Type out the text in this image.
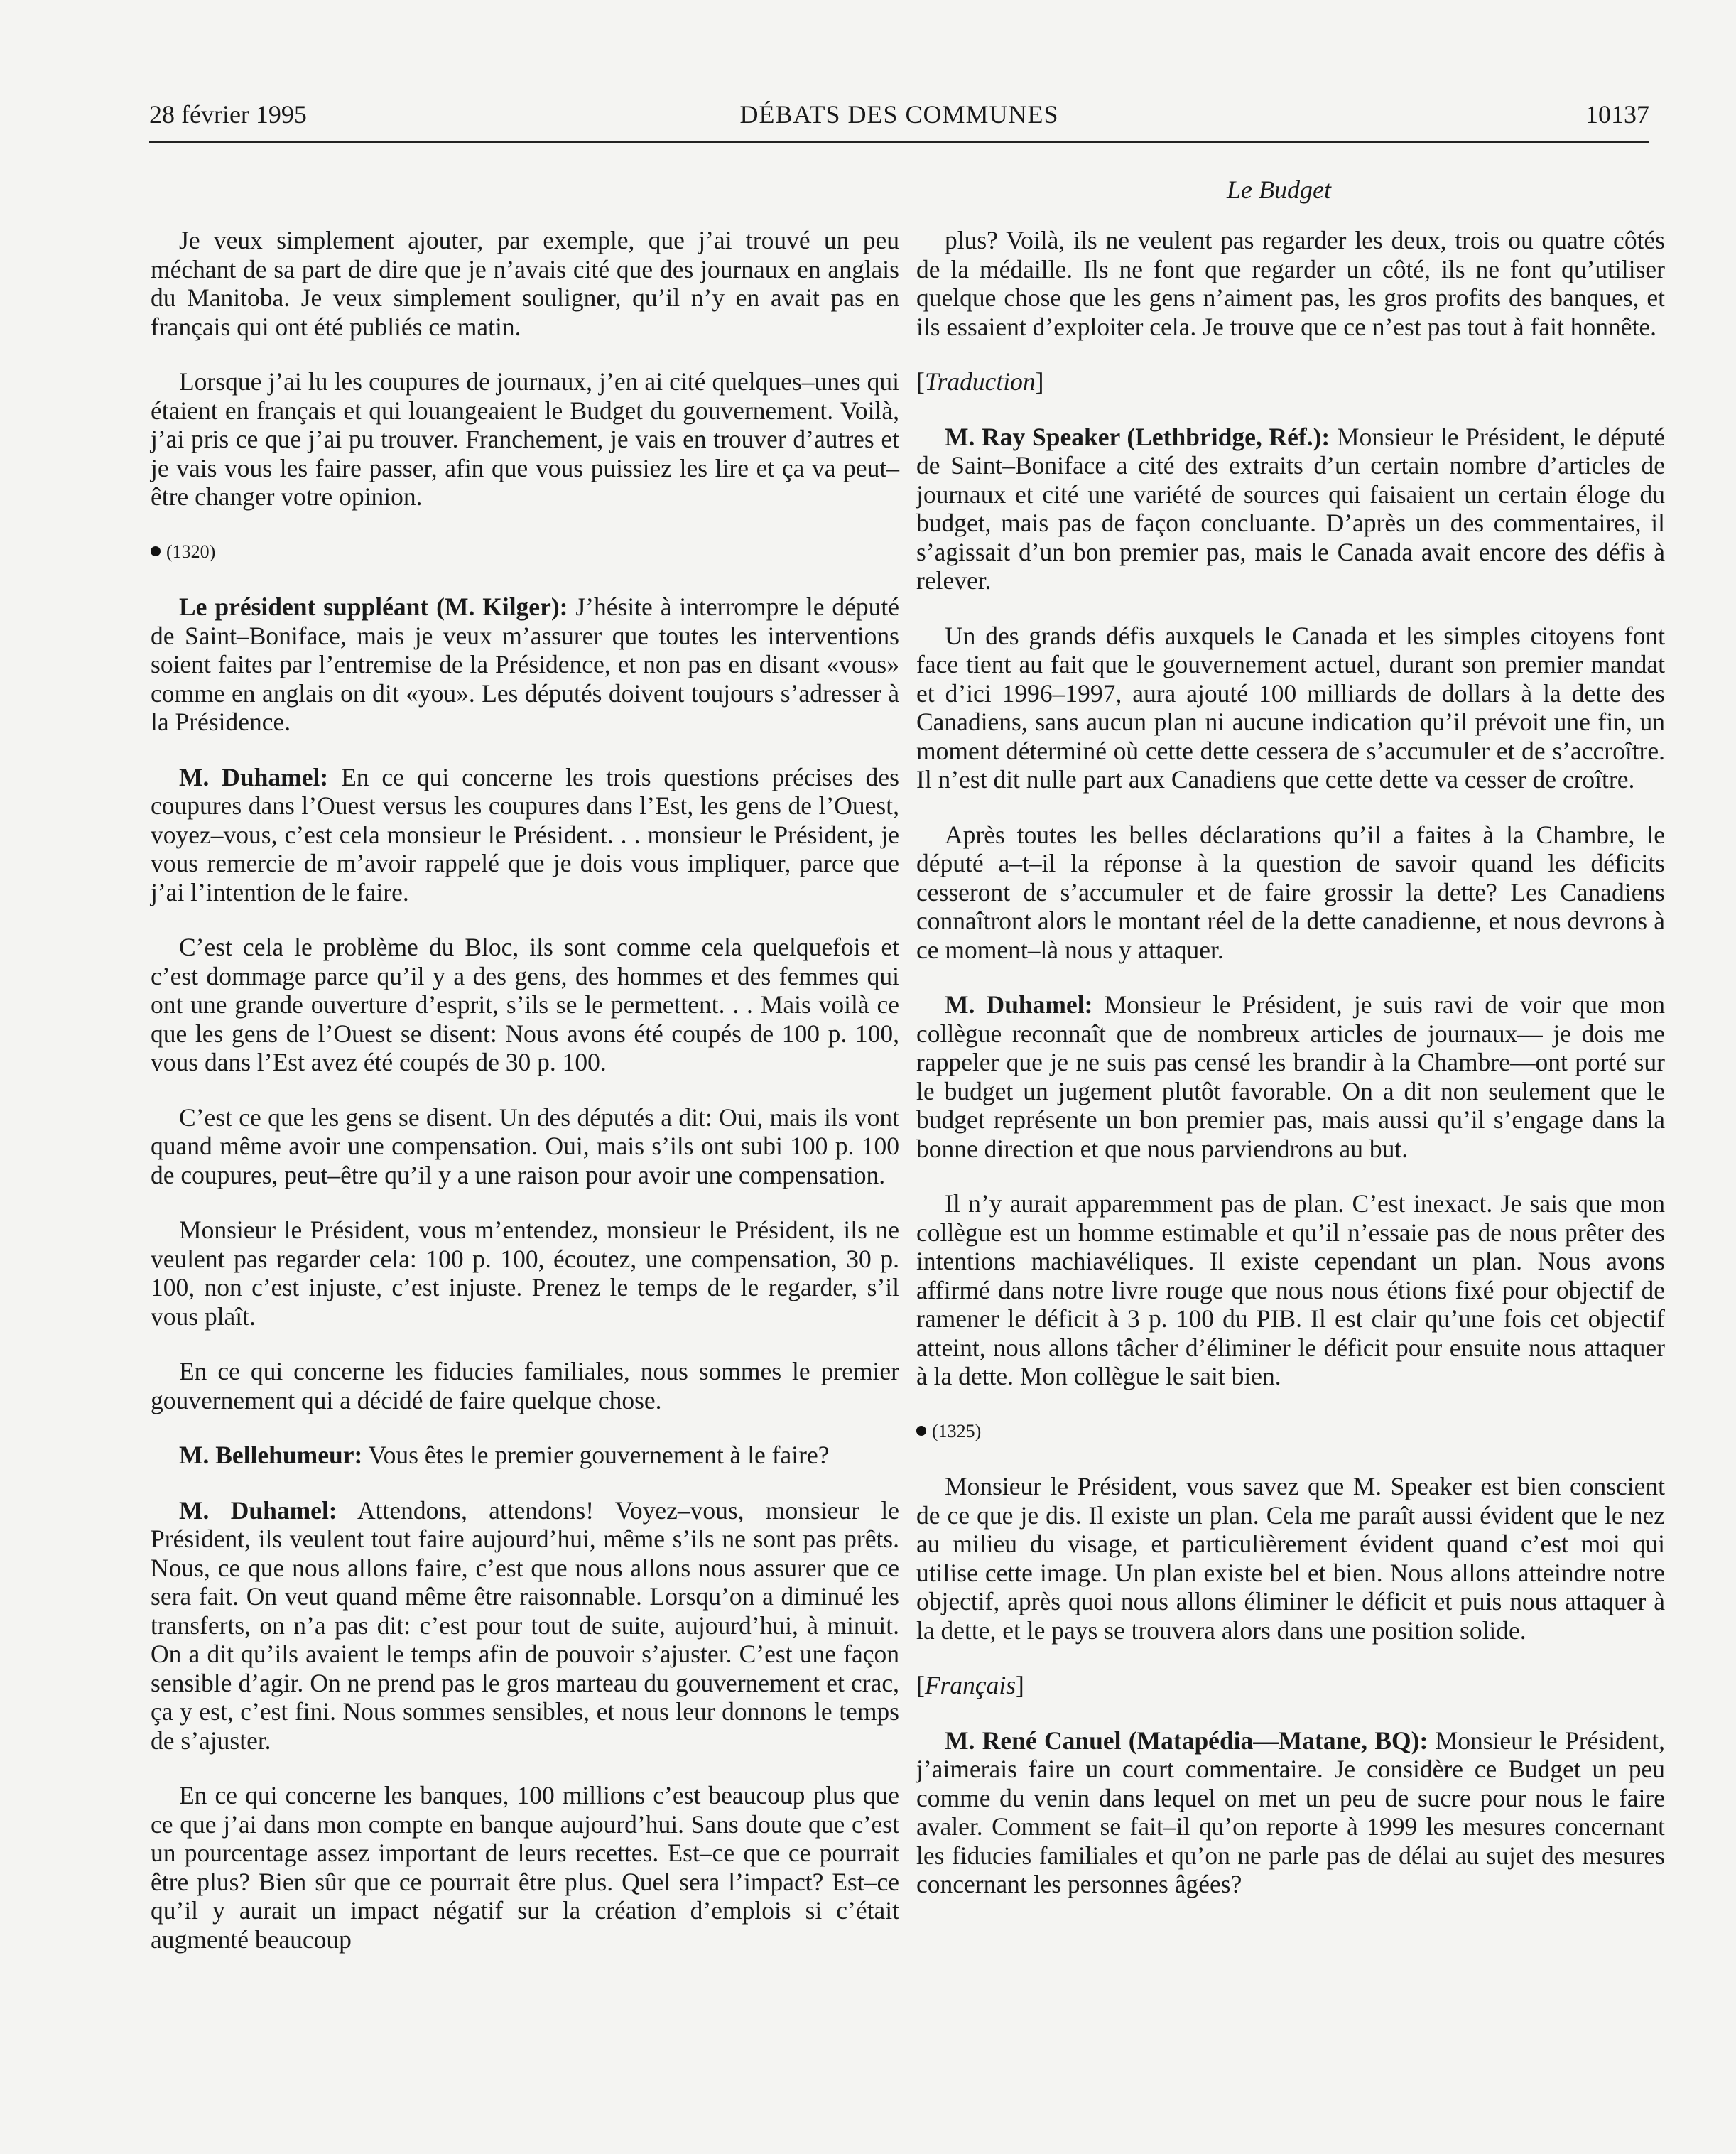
28 février 1995	DÉBATS DES COMMUNES	10137
Le Budget

Je veux simplement ajouter, par exemple, que j’ai trouvé un peu méchant de sa part de dire que je n’avais cité que des journaux en anglais du Manitoba. Je veux simplement souligner, qu’il n’y en avait pas en français qui ont été publiés ce matin.

Lorsque j’ai lu les coupures de journaux, j’en ai cité quelques–unes qui étaient en français et qui louangeaient le Budget du gouvernement. Voilà, j’ai pris ce que j’ai pu trouver. Franchement, je vais en trouver d’autres et je vais vous les faire passer, afin que vous puissiez les lire et ça va peut–être changer votre opinion.

(1320)

Le président suppléant (M. Kilger): J’hésite à interrompre le député de Saint–Boniface, mais je veux m’assurer que toutes les interventions soient faites par l’entremise de la Présidence, et non pas en disant «vous» comme en anglais on dit «you». Les députés doivent toujours s’adresser à la Présidence.

M. Duhamel: En ce qui concerne les trois questions précises des coupures dans l’Ouest versus les coupures dans l’Est, les gens de l’Ouest, voyez–vous, c’est cela monsieur le Président. . . monsieur le Président, je vous remercie de m’avoir rappelé que je dois vous impliquer, parce que j’ai l’intention de le faire.

C’est cela le problème du Bloc, ils sont comme cela quelquefois et c’est dommage parce qu’il y a des gens, des hommes et des femmes qui ont une grande ouverture d’esprit, s’ils se le permettent. . . Mais voilà ce que les gens de l’Ouest se disent: Nous avons été coupés de 100 p. 100, vous dans l’Est avez été coupés de 30 p. 100.

C’est ce que les gens se disent. Un des députés a dit: Oui, mais ils vont quand même avoir une compensation. Oui, mais s’ils ont subi 100 p. 100 de coupures, peut–être qu’il y a une raison pour avoir une compensation.

Monsieur le Président, vous m’entendez, monsieur le Président, ils ne veulent pas regarder cela: 100 p. 100, écoutez, une compensation, 30 p. 100, non c’est injuste, c’est injuste. Prenez le temps de le regarder, s’il vous plaît.

En ce qui concerne les fiducies familiales, nous sommes le premier gouvernement qui a décidé de faire quelque chose.

M. Bellehumeur: Vous êtes le premier gouvernement à le faire?

M. Duhamel: Attendons, attendons! Voyez–vous, monsieur le Président, ils veulent tout faire aujourd’hui, même s’ils ne sont pas prêts. Nous, ce que nous allons faire, c’est que nous allons nous assurer que ce sera fait. On veut quand même être raisonnable. Lorsqu’on a diminué les transferts, on n’a pas dit: c’est pour tout de suite, aujourd’hui, à minuit. On a dit qu’ils avaient le temps afin de pouvoir s’ajuster. C’est une façon sensible d’agir. On ne prend pas le gros marteau du gouvernement et crac, ça y est, c’est fini. Nous sommes sensibles, et nous leur donnons le temps de s’ajuster.

En ce qui concerne les banques, 100 millions c’est beaucoup plus que ce que j’ai dans mon compte en banque aujourd’hui. Sans doute que c’est un pourcentage assez important de leurs recettes. Est–ce que ce pourrait être plus? Bien sûr que ce pourrait être plus. Quel sera l’impact? Est–ce qu’il y aurait un impact négatif sur la création d’emplois si c’était augmenté beaucoup

plus? Voilà, ils ne veulent pas regarder les deux, trois ou quatre côtés de la médaille. Ils ne font que regarder un côté, ils ne font qu’utiliser quelque chose que les gens n’aiment pas, les gros profits des banques, et ils essaient d’exploiter cela. Je trouve que ce n’est pas tout à fait honnête.

[Traduction]

M. Ray Speaker (Lethbridge, Réf.): Monsieur le Président, le député de Saint–Boniface a cité des extraits d’un certain nombre d’articles de journaux et cité une variété de sources qui faisaient un certain éloge du budget, mais pas de façon concluante. D’après un des commentaires, il s’agissait d’un bon premier pas, mais le Canada avait encore des défis à relever.

Un des grands défis auxquels le Canada et les simples citoyens font face tient au fait que le gouvernement actuel, durant son premier mandat et d’ici 1996–1997, aura ajouté 100 milliards de dollars à la dette des Canadiens, sans aucun plan ni aucune indication qu’il prévoit une fin, un moment déterminé où cette dette cessera de s’accumuler et de s’accroître. Il n’est dit nulle part aux Canadiens que cette dette va cesser de croître.

Après toutes les belles déclarations qu’il a faites à la Chambre, le député a–t–il la réponse à la question de savoir quand les déficits cesseront de s’accumuler et de faire grossir la dette? Les Canadiens connaîtront alors le montant réel de la dette canadienne, et nous devrons à ce moment–là nous y attaquer.

M. Duhamel: Monsieur le Président, je suis ravi de voir que mon collègue reconnaît que de nombreux articles de journaux— je dois me rappeler que je ne suis pas censé les brandir à la Chambre—ont porté sur le budget un jugement plutôt favorable. On a dit non seulement que le budget représente un bon premier pas, mais aussi qu’il s’engage dans la bonne direction et que nous parviendrons au but.

Il n’y aurait apparemment pas de plan. C’est inexact. Je sais que mon collègue est un homme estimable et qu’il n’essaie pas de nous prêter des intentions machiavéliques. Il existe cependant un plan. Nous avons affirmé dans notre livre rouge que nous nous étions fixé pour objectif de ramener le déficit à 3 p. 100 du PIB. Il est clair qu’une fois cet objectif atteint, nous allons tâcher d’éliminer le déficit pour ensuite nous attaquer à la dette. Mon collègue le sait bien.

(1325)

Monsieur le Président, vous savez que M. Speaker est bien conscient de ce que je dis. Il existe un plan. Cela me paraît aussi évident que le nez au milieu du visage, et particulièrement évident quand c’est moi qui utilise cette image. Un plan existe bel et bien. Nous allons atteindre notre objectif, après quoi nous allons éliminer le déficit et puis nous attaquer à la dette, et le pays se trouvera alors dans une position solide.

[Français]

M. René Canuel (Matapédia—Matane, BQ): Monsieur le Président, j’aimerais faire un court commentaire. Je considère ce Budget un peu comme du venin dans lequel on met un peu de sucre pour nous le faire avaler. Comment se fait–il qu’on reporte à 1999 les mesures concernant les fiducies familiales et qu’on ne parle pas de délai au sujet des mesures concernant les personnes âgées?
